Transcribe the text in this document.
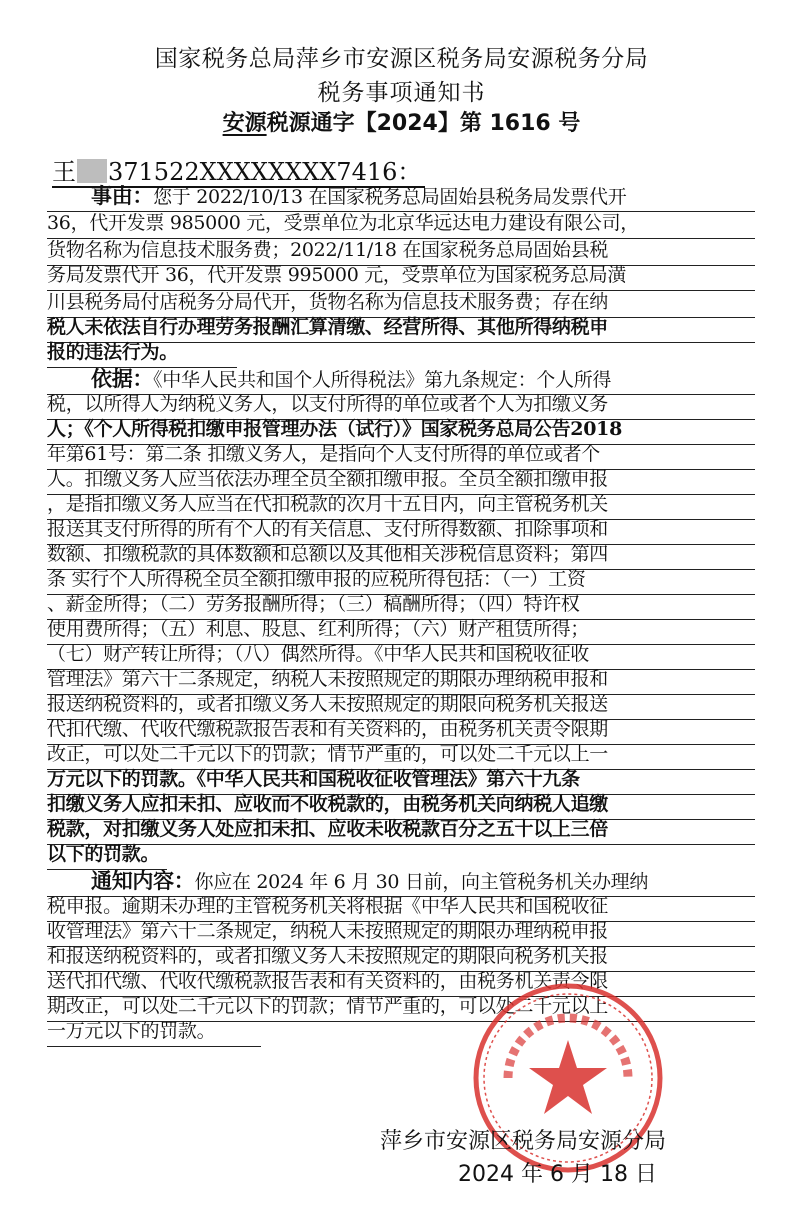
国家税务总局萍乡市安源区税务局安源税务分局
税务事项通知书
安源税源通字【2024】第 1616 号
王 371522XXXXXXXX7416：
事由：您于 2022/10/13 在国家税务总局固始县税务局发票代开
36，代开发票 985000 元，受票单位为北京华远达电力建设有限公司，
货物名称为信息技术服务费；2022/11/18 在国家税务总局固始县税
务局发票代开 36，代开发票 995000 元，受票单位为国家税务总局潢
川县税务局付店税务分局代开，货物名称为信息技术服务费；存在纳
税人未依法自行办理劳务报酬汇算清缴、经营所得、其他所得纳税申
报的违法行为。
依据：《中华人民共和国个人所得税法》第九条规定：个人所得
税，以所得人为纳税义务人，以支付所得的单位或者个人为扣缴义务
人；《个人所得税扣缴申报管理办法（试行）》国家税务总局公告2018
年第61号：第二条 扣缴义务人，是指向个人支付所得的单位或者个
人。扣缴义务人应当依法办理全员全额扣缴申报。全员全额扣缴申报
，是指扣缴义务人应当在代扣税款的次月十五日内，向主管税务机关
报送其支付所得的所有个人的有关信息、支付所得数额、扣除事项和
数额、扣缴税款的具体数额和总额以及其他相关涉税信息资料；第四
条 实行个人所得税全员全额扣缴申报的应税所得包括：（一）工资
、薪金所得；（二）劳务报酬所得；（三）稿酬所得；（四）特许权
使用费所得；（五）利息、股息、红利所得；（六）财产租赁所得；
（七）财产转让所得；（八）偶然所得。《中华人民共和国税收征收
管理法》第六十二条规定，纳税人未按照规定的期限办理纳税申报和
报送纳税资料的，或者扣缴义务人未按照规定的期限向税务机关报送
代扣代缴、代收代缴税款报告表和有关资料的，由税务机关责令限期
改正，可以处二千元以下的罚款；情节严重的，可以处二千元以上一
万元以下的罚款。《中华人民共和国税收征收管理法》第六十九条
扣缴义务人应扣未扣、应收而不收税款的，由税务机关向纳税人追缴
税款，对扣缴义务人处应扣未扣、应收未收税款百分之五十以上三倍
以下的罚款。
通知内容：你应在 2024 年 6 月 30 日前，向主管税务机关办理纳
税申报。逾期未办理的主管税务机关将根据《中华人民共和国税收征
收管理法》第六十二条规定，纳税人未按照规定的期限办理纳税申报
和报送纳税资料的，或者扣缴义务人未按照规定的期限向税务机关报
送代扣代缴、代收代缴税款报告表和有关资料的，由税务机关责令限
期改正，可以处二千元以下的罚款；情节严重的，可以处二千元以上
一万元以下的罚款。
萍乡市安源区税务局安源分局
2024 年 6 月 18 日
